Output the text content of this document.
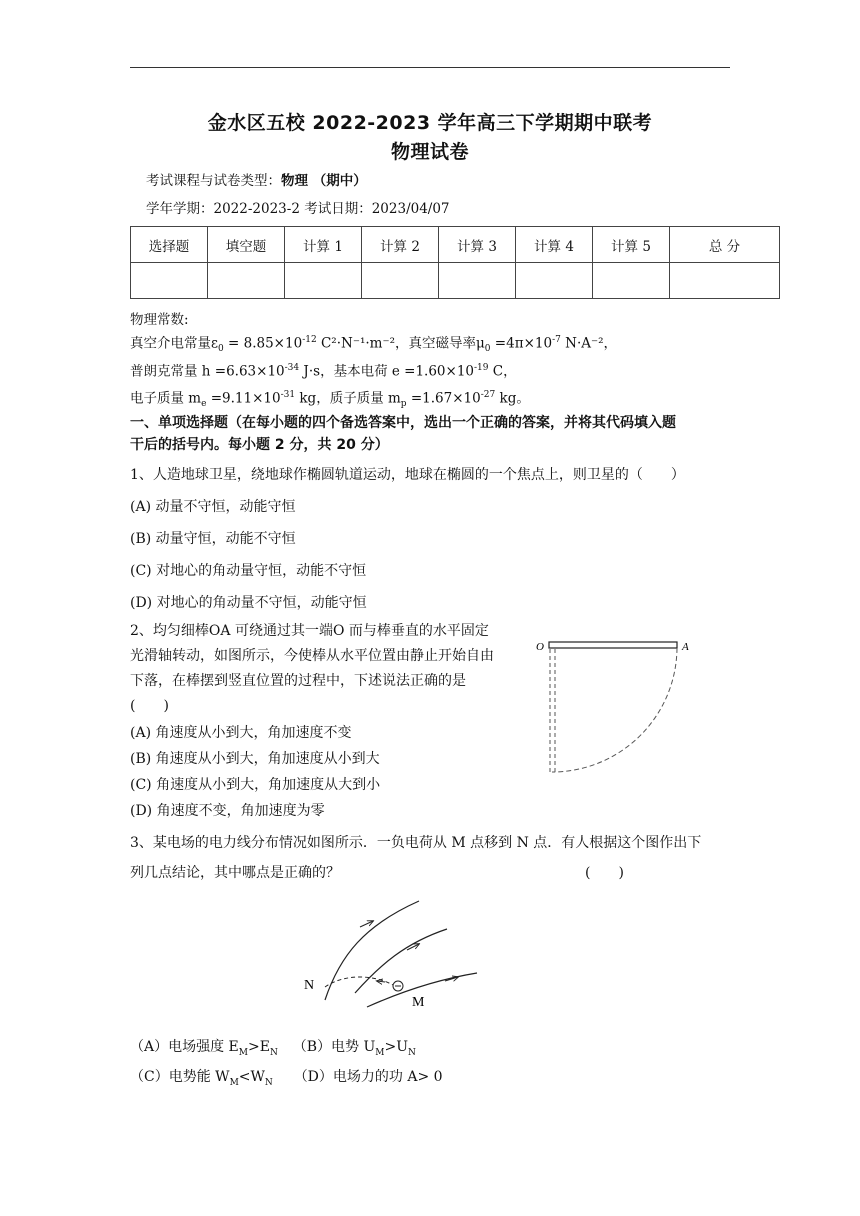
金水区五校 2022-2023 学年高三下学期期中联考
物理试卷
考试课程与试卷类型：物理 （期中）
学年学期：2022-2023-2 考试日期：2023/04/07
选择题	填空题	计算 1	计算 2	计算 3	计算 4	计算 5	总 分

物理常数:
真空介电常量$\varepsilon_0 = 8.85\times 10^{-12}$ C²·N⁻¹·m⁻²，真空磁导率$\mu_0 =4\pi\times 10^{-7}$ N·A⁻²，
普朗克常量 $h =6.63\times 10^{-34}$ J·s，基本电荷 $e =1.60\times 10^{-19}$ C，
电子质量 $m_e =9.11\times 10^{-31}$ kg，质子质量 $m_p =1.67\times 10^{-27}$ kg。
一、单项选择题（在每小题的四个备选答案中，选出一个正确的答案，并将其代码填入题
干后的括号内。每小题 2 分，共 20 分）
1、人造地球卫星，绕地球作椭圆轨道运动，地球在椭圆的一个焦点上，则卫星的（　　）
(A) 动量不守恒，动能守恒
(B) 动量守恒，动能不守恒
(C) 对地心的角动量守恒，动能不守恒
(D) 对地心的角动量不守恒，动能守恒
2、均匀细棒OA 可绕通过其一端O 而与棒垂直的水平固定
光滑轴转动，如图所示，今使棒从水平位置由静止开始自由
下落，在棒摆到竖直位置的过程中，下述说法正确的是
(　　)
(A) 角速度从小到大，角加速度不变
(B) 角速度从小到大，角加速度从小到大
(C) 角速度从小到大，角加速度从大到小
(D) 角速度不变，角加速度为零
O	A
3、某电场的电力线分布情况如图所示．一负电荷从 M 点移到 N 点．有人根据这个图作出下
列几点结论，其中哪点是正确的？	(　　)
N
M
（A）电场强度 $E_M>E_N$ （B）电势 $U_M>U_N$
（C）电势能 $W_M<W_N$ （D）电场力的功 A> 0
